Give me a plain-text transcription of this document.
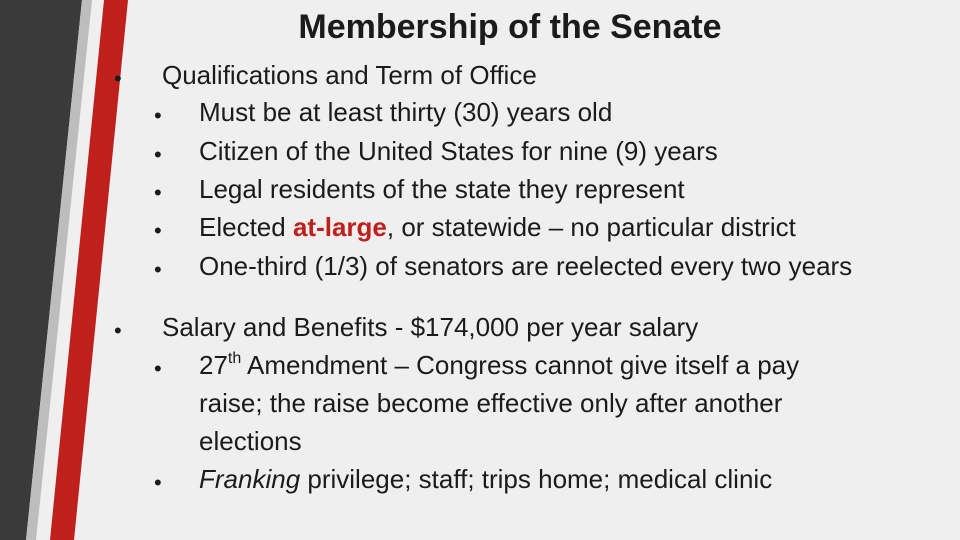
Membership of the Senate
• Qualifications and Term of Office
• Must be at least thirty (30) years old
• Citizen of the United States for nine (9) years
• Legal residents of the state they represent
• Elected at-large, or statewide – no particular district
• One-third (1/3) of senators are reelected every two years
• Salary and Benefits - $174,000 per year salary
• 27th Amendment – Congress cannot give itself a pay
raise; the raise become effective only after another
elections
• Franking privilege; staff; trips home; medical clinic
